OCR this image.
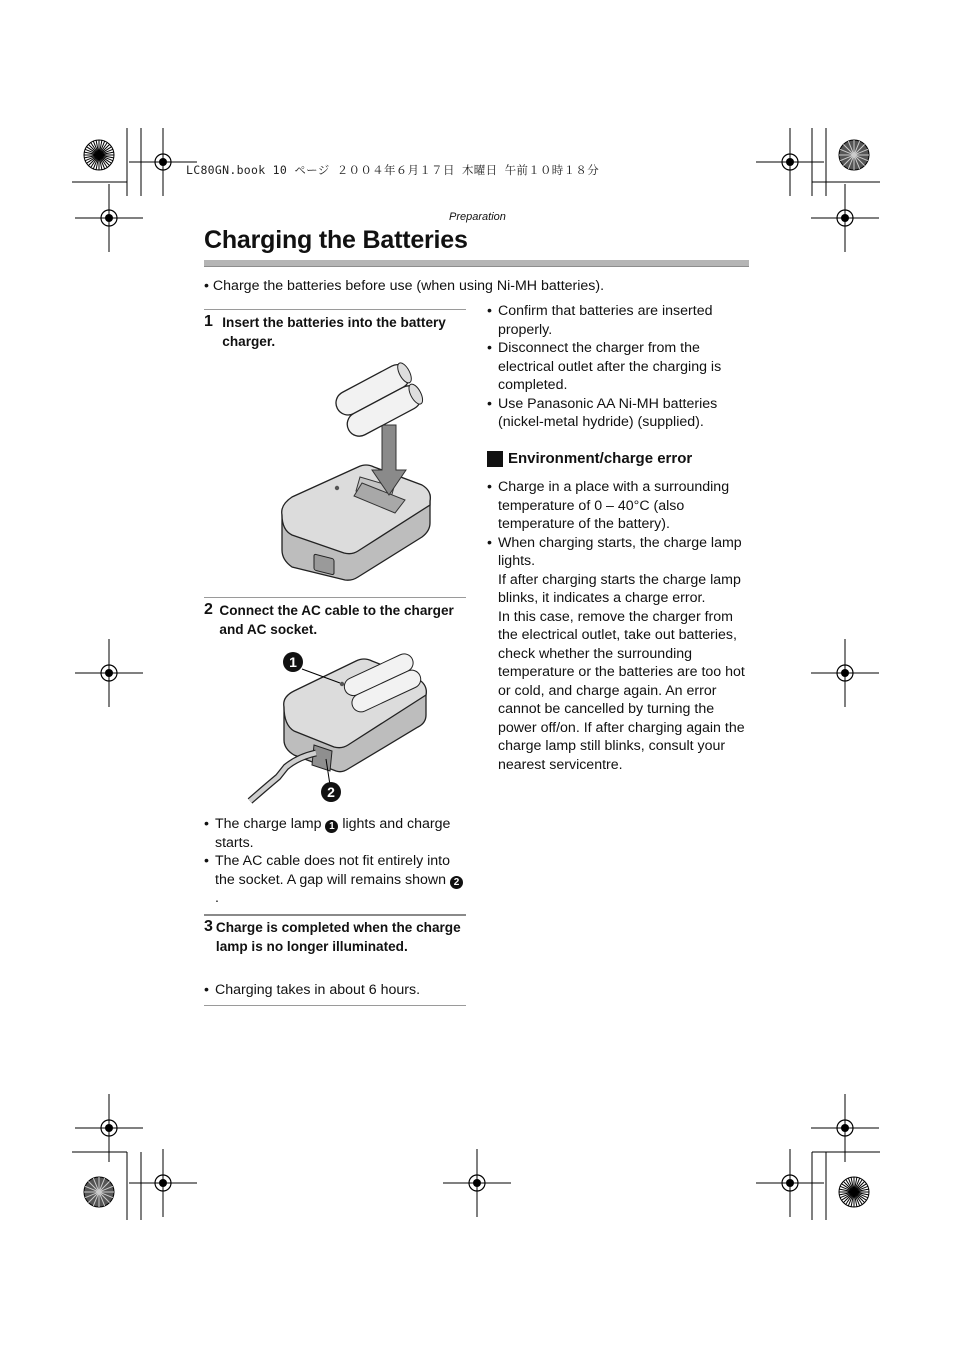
LC80GN.book 10 ページ ２００４年６月１７日 木曜日 午前１０時１８分
Preparation
Charging the Batteries
• Charge the batteries before use (when using Ni-MH batteries).
1 Insert the batteries into the battery charger.
2 Connect the AC cable to the charger and AC socket.
1
2
• The charge lamp 1 lights and charge starts.
• The AC cable does not fit entirely into the socket. A gap will remains shown 2.
3 Charge is completed when the charge lamp is no longer illuminated.
• Charging takes in about 6 hours.
• Confirm that batteries are inserted properly.
• Disconnect the charger from the electrical outlet after the charging is completed.
• Use Panasonic AA Ni-MH batteries (nickel-metal hydride) (supplied).
Environment/charge error
• Charge in a place with a surrounding temperature of 0 – 40°C (also temperature of the battery).
• When charging starts, the charge lamp lights.
If after charging starts the charge lamp blinks, it indicates a charge error.
In this case, remove the charger from the electrical outlet, take out batteries, check whether the surrounding temperature or the batteries are too hot or cold, and charge again. An error cannot be cancelled by turning the power off/on. If after charging again the charge lamp still blinks, consult your nearest servicentre.
